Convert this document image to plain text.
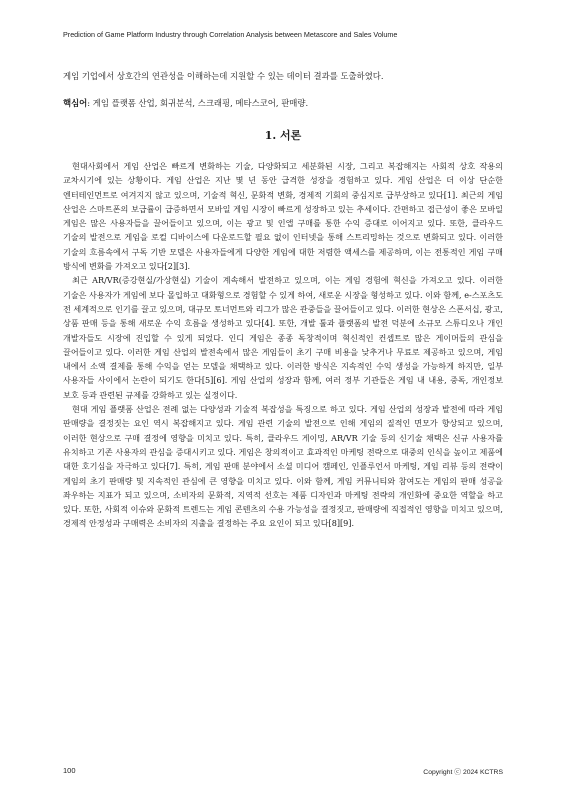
Prediction of Game Platform Industry through Correlation Analysis between Metascore and Sales Volume

게임 기업에서 상호간의 연관성을 이해하는데 지원할 수 있는 데이터 결과를 도출하였다.

핵심어: 게임 플랫폼 산업, 회귀분석, 스크래핑, 메타스코어, 판매량.

1. 서론

현대사회에서 게임 산업은 빠르게 변화하는 기술, 다양화되고 세분화된 시장, 그리고 복잡해지는 사회적 상호 작용의 교차시기에 있는 상황이다. 게임 산업은 지난 몇 년 동안 급격한 성장을 경험하고 있다. 게임 산업은 더 이상 단순한 엔터테인먼트로 여겨지지 않고 있으며, 기술적 혁신, 문화적 변화, 경제적 기회의 중심지로 급부상하고 있다[1]. 최근의 게임 산업은 스마트폰의 보급률이 급증하면서 모바일 게임 시장이 빠르게 성장하고 있는 추세이다. 간편하고 접근성이 좋은 모바일 게임은 많은 사용자들을 끌어들이고 있으며, 이는 광고 및 인앱 구매를 통한 수익 증대로 이어지고 있다. 또한, 클라우드 기술의 발전으로 게임을 로컬 디바이스에 다운로드할 필요 없이 인터넷을 통해 스트리밍하는 것으로 변화되고 있다. 이러한 기술의 흐름속에서 구독 기반 모델은 사용자들에게 다양한 게임에 대한 저렴한 액세스를 제공하며, 이는 전통적인 게임 구매 방식에 변화를 가져오고 있다[2][3].

최근 AR/VR(증강현실/가상현실) 기술이 계속해서 발전하고 있으며, 이는 게임 경험에 혁신을 가져오고 있다. 이러한 기술은 사용자가 게임에 보다 몰입하고 대화형으로 경험할 수 있게 하여, 새로운 시장을 형성하고 있다. 이와 함께, e-스포츠도 전 세계적으로 인기를 끌고 있으며, 대규모 토너먼트와 리그가 많은 관중들을 끌어들이고 있다. 이러한 현상은 스폰서십, 광고, 상품 판매 등을 통해 새로운 수익 흐름을 생성하고 있다[4]. 또한, 개발 툴과 플랫폼의 발전 덕분에 소규모 스튜디오나 개인 개발자들도 시장에 진입할 수 있게 되었다. 인디 게임은 종종 독창적이며 혁신적인 컨셉트로 많은 게이머들의 관심을 끌어들이고 있다. 이러한 게임 산업의 발전속에서 많은 게임들이 초기 구매 비용을 낮추거나 무료로 제공하고 있으며, 게임 내에서 소액 결제를 통해 수익을 얻는 모델을 채택하고 있다. 이러한 방식은 지속적인 수익 생성을 가능하게 하지만, 일부 사용자들 사이에서 논란이 되기도 한다[5][6]. 게임 산업의 성장과 함께, 여러 정부 기관들은 게임 내 내용, 중독, 개인정보 보호 등과 관련된 규제를 강화하고 있는 실정이다.

현대 게임 플랫폼 산업은 전례 없는 다양성과 기술적 복잡성을 특징으로 하고 있다. 게임 산업의 성장과 발전에 따라 게임 판매량을 결정짓는 요인 역시 복잡해지고 있다. 게임 관련 기술의 발전으로 인해 게임의 질적인 면모가 향상되고 있으며, 이러한 현상으로 구매 결정에 영향을 미치고 있다. 특히, 클라우드 게이밍, AR/VR 기술 등의 신기술 채택은 신규 사용자를 유치하고 기존 사용자의 관심을 증대시키고 있다. 게임은 창의적이고 효과적인 마케팅 전략으로 대중의 인식을 높이고 제품에 대한 호기심을 자극하고 있다[7]. 특히, 게임 판매 분야에서 소셜 미디어 캠페인, 인플루언서 마케팅, 게임 리뷰 등의 전략이 게임의 초기 판매량 및 지속적인 관심에 큰 영향을 미치고 있다. 이와 함께, 게임 커뮤니티와 참여도는 게임의 판매 성공을 좌우하는 지표가 되고 있으며, 소비자의 문화적, 지역적 선호는 제품 디자인과 마케팅 전략의 개인화에 중요한 역할을 하고 있다. 또한, 사회적 이슈와 문화적 트렌드는 게임 콘텐츠의 수용 가능성을 결정짓고, 판매량에 직접적인 영향을 미치고 있으며, 경제적 안정성과 구매력은 소비자의 지출을 결정하는 주요 요인이 되고 있다[8][9].

100	Copyright ⓒ 2024 KCTRS
